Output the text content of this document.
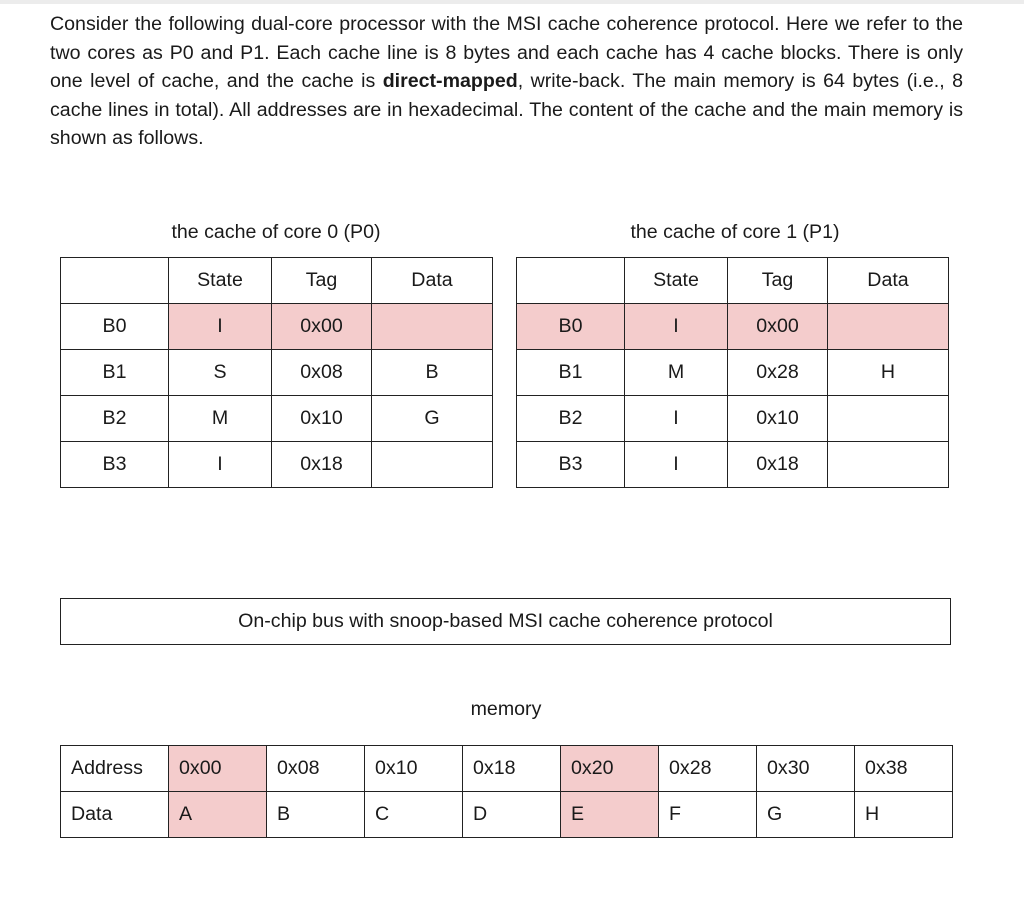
Consider the following dual-core processor with the MSI cache coherence protocol. Here we refer to the two cores as P0 and P1. Each cache line is 8 bytes and each cache has 4 cache blocks. There is only one level of cache, and the cache is direct-mapped, write-back. The main memory is 64 bytes (i.e., 8 cache lines in total). All addresses are in hexadecimal. The content of the cache and the main memory is shown as follows.

the cache of core 0 (P0)
	State	Tag	Data
B0	I	0x00	
B1	S	0x08	B
B2	M	0x10	G
B3	I	0x18	
the cache of core 1 (P1)
	State	Tag	Data
B0	I	0x00	
B1	M	0x28	H
B2	I	0x10	
B3	I	0x18	
On-chip bus with snoop-based MSI cache coherence protocol
memory
Address	0x00	0x08	0x10	0x18	0x20	0x28	0x30	0x38
Data	A	B	C	D	E	F	G	H
